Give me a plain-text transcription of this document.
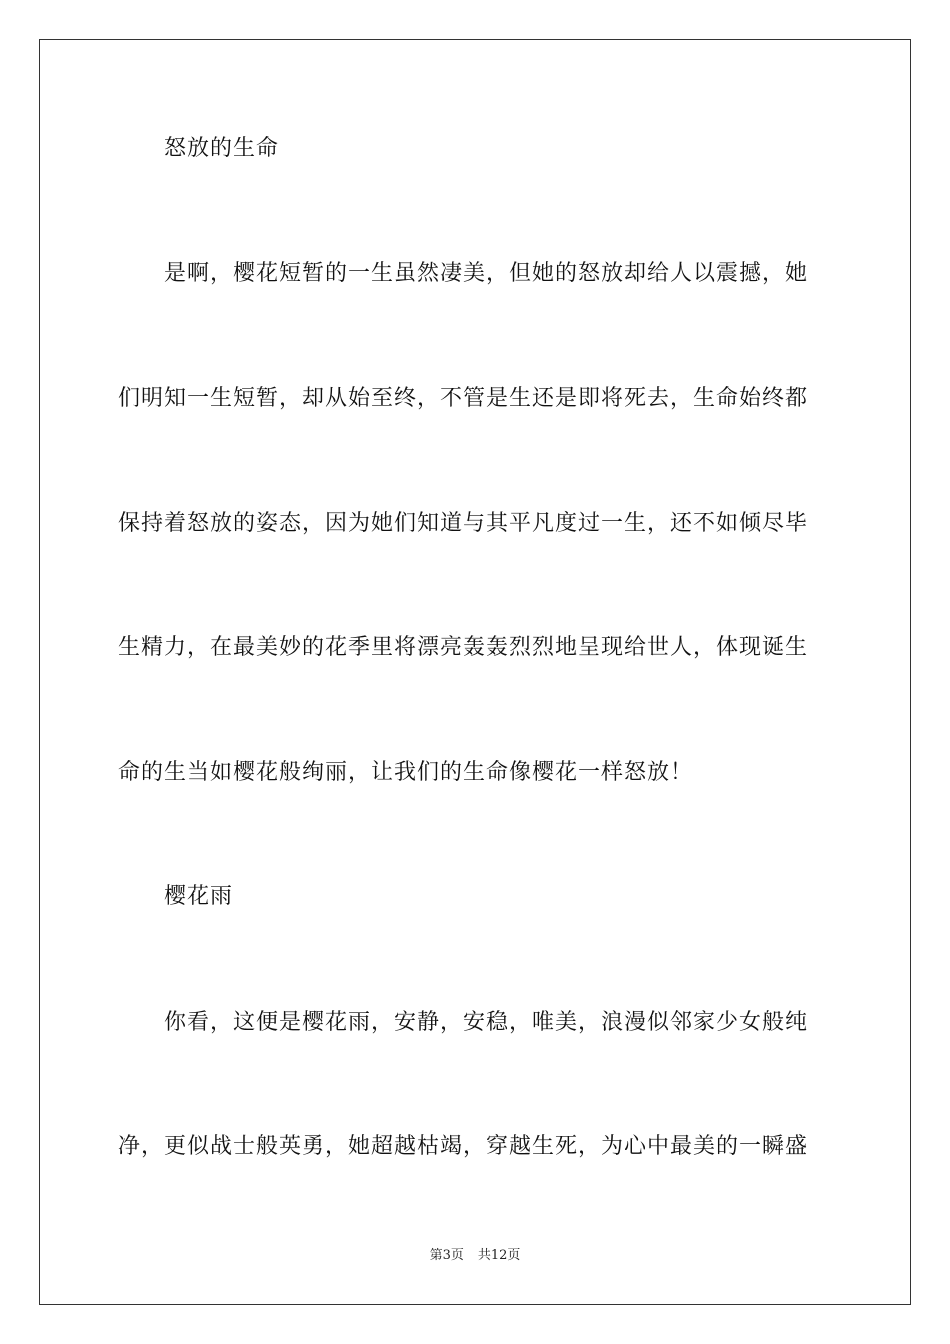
怒放的生命
是啊，樱花短暂的一生虽然凄美，但她的怒放却给人以震撼，她
们明知一生短暂，却从始至终，不管是生还是即将死去，生命始终都
保持着怒放的姿态，因为她们知道与其平凡度过一生，还不如倾尽毕
生精力，在最美妙的花季里将漂亮轰轰烈烈地呈现给世人，体现诞生
命的生当如樱花般绚丽，让我们的生命像樱花一样怒放！
樱花雨
你看，这便是樱花雨，安静，安稳，唯美，浪漫似邻家少女般纯
净，更似战士般英勇，她超越枯竭，穿越生死，为心中最美的一瞬盛
第3页 共12页
